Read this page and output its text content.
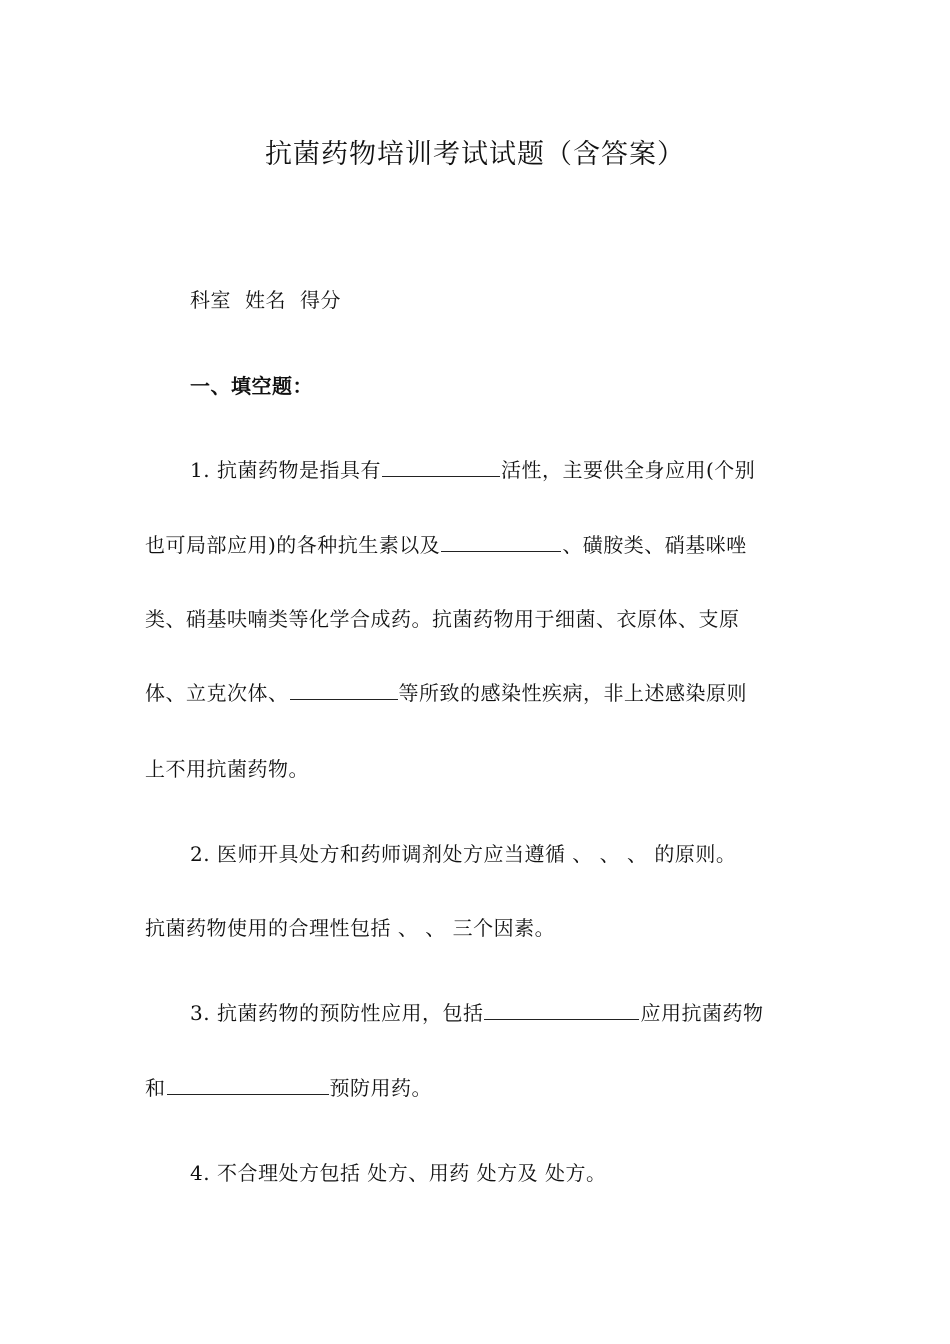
抗菌药物培训考试试题（含答案）
科室 姓名 得分
一、填空题：
1. 抗菌药物是指具有	活性，主要供全身应用(个别
也可局部应用)的各种抗生素以及	、磺胺类、硝基咪唑
类、硝基呋喃类等化学合成药。抗菌药物用于细菌、衣原体、支原
体、立克次体、	等所致的感染性疾病，非上述感染原则
上不用抗菌药物。
2. 医师开具处方和药师调剂处方应当遵循 、 、 、 的原则。
抗菌药物使用的合理性包括 、 、 三个因素。
3. 抗菌药物的预防性应用，包括	应用抗菌药物
和	预防用药。
4. 不合理处方包括 处方、用药 处方及 处方。
